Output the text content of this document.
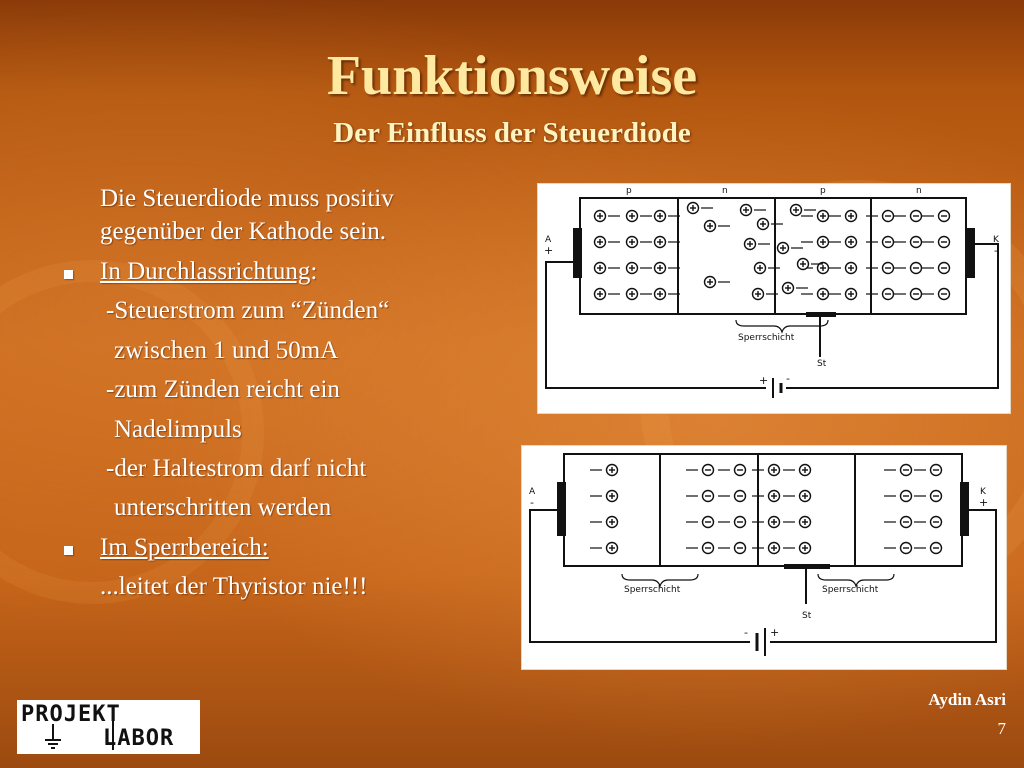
Funktionsweise
Der Einfluss der Steuerdiode
Die Steuerdiode muss positiv
gegenüber der Kathode sein.
In Durchlassrichtung:
-Steuerstrom zum “Zünden“
zwischen 1 und 50mA
-zum Zünden reicht ein
Nadelimpuls
-der Haltestrom darf nicht
unterschritten werden
Im Sperrbereich:
...leitet der Thyristor nie!!!
p	n	p	n
A
+
K
-
Sperrschicht
St
+ -
A
-
K
+
Sperrschicht	Sperrschicht
St
- +
PROJEKT
LABOR
Aydin Asri
7
